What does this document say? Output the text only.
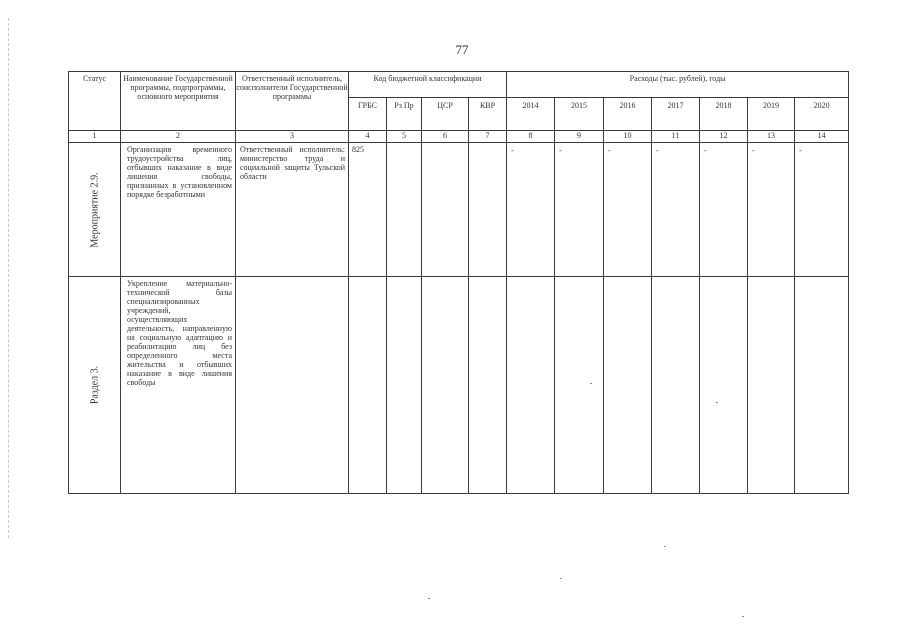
77
Статус	Наименование Государственной программы, подпрограммы, основного мероприятия	Ответственный исполнитель, соисполнители Государственной программы	Код бюджетной классификации				Расходы (тыс. рублей), годы						
			ГРБС	Рз Пр	ЦСР	КВР	2014	2015	2016	2017	2018	2019	2020
1	2	3	4	5	6	7	8	9	10	11	12	13	14

Мероприятие 2.9.	Организация временного трудоустройства лиц, отбывших наказание в виде лишения свободы, признанных в установленном порядке безработными	Ответственный исполнитель: министерство труда и социальной защиты Тульской области	825				-	-	-	-	-	-	-

Раздел 3.	Укрепление материально-технической базы специализированных учреждений, осуществляющих деятельность, направленную на социальную адаптацию и реабилитацию лиц без определенного места жительства и отбывших наказание в виде лишения свободы												
